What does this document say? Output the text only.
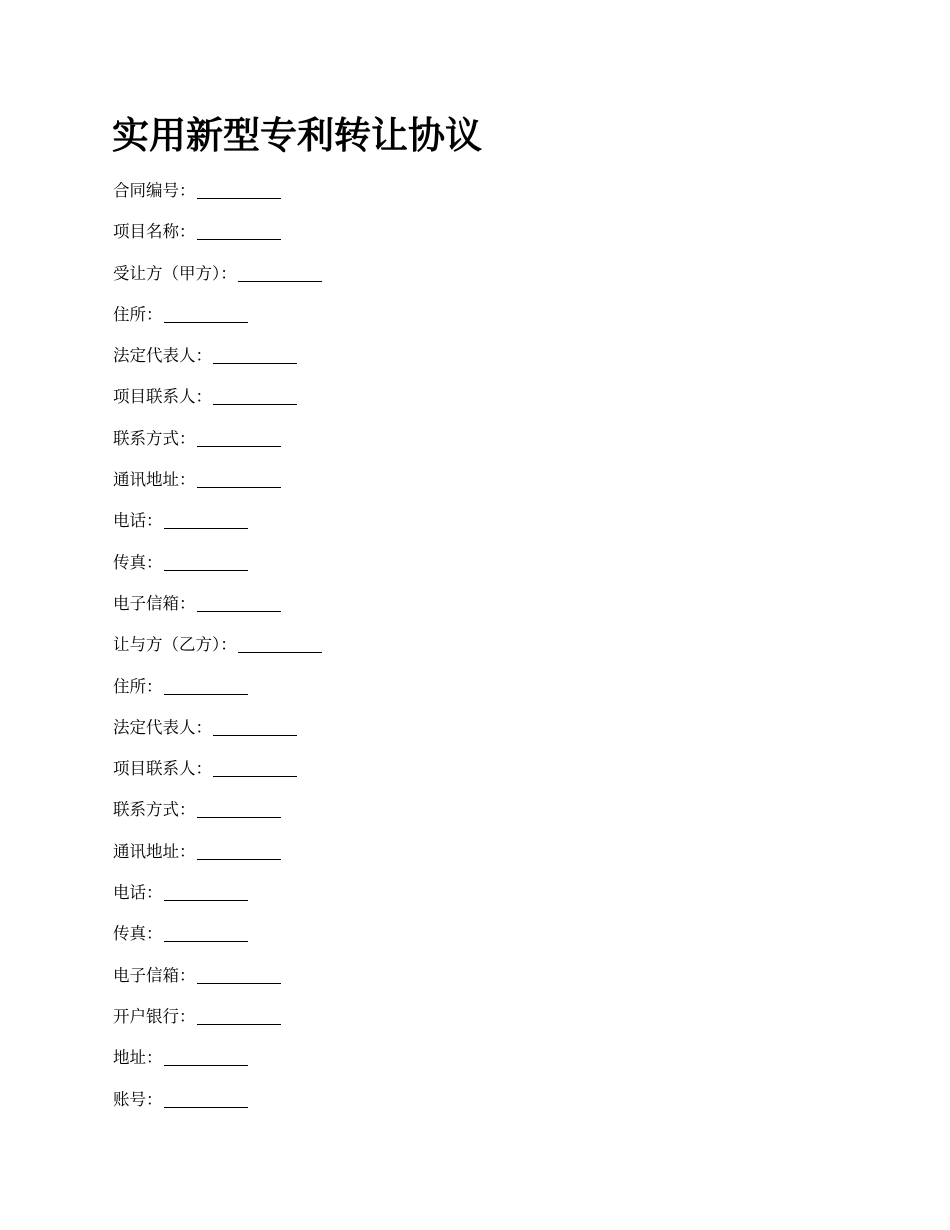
实用新型专利转让协议
合同编号：
项目名称：
受让方（甲方）：
住所：
法定代表人：
项目联系人：
联系方式：
通讯地址：
电话：
传真：
电子信箱：
让与方（乙方）：
住所：
法定代表人：
项目联系人：
联系方式：
通讯地址：
电话：
传真：
电子信箱：
开户银行：
地址：
账号：
